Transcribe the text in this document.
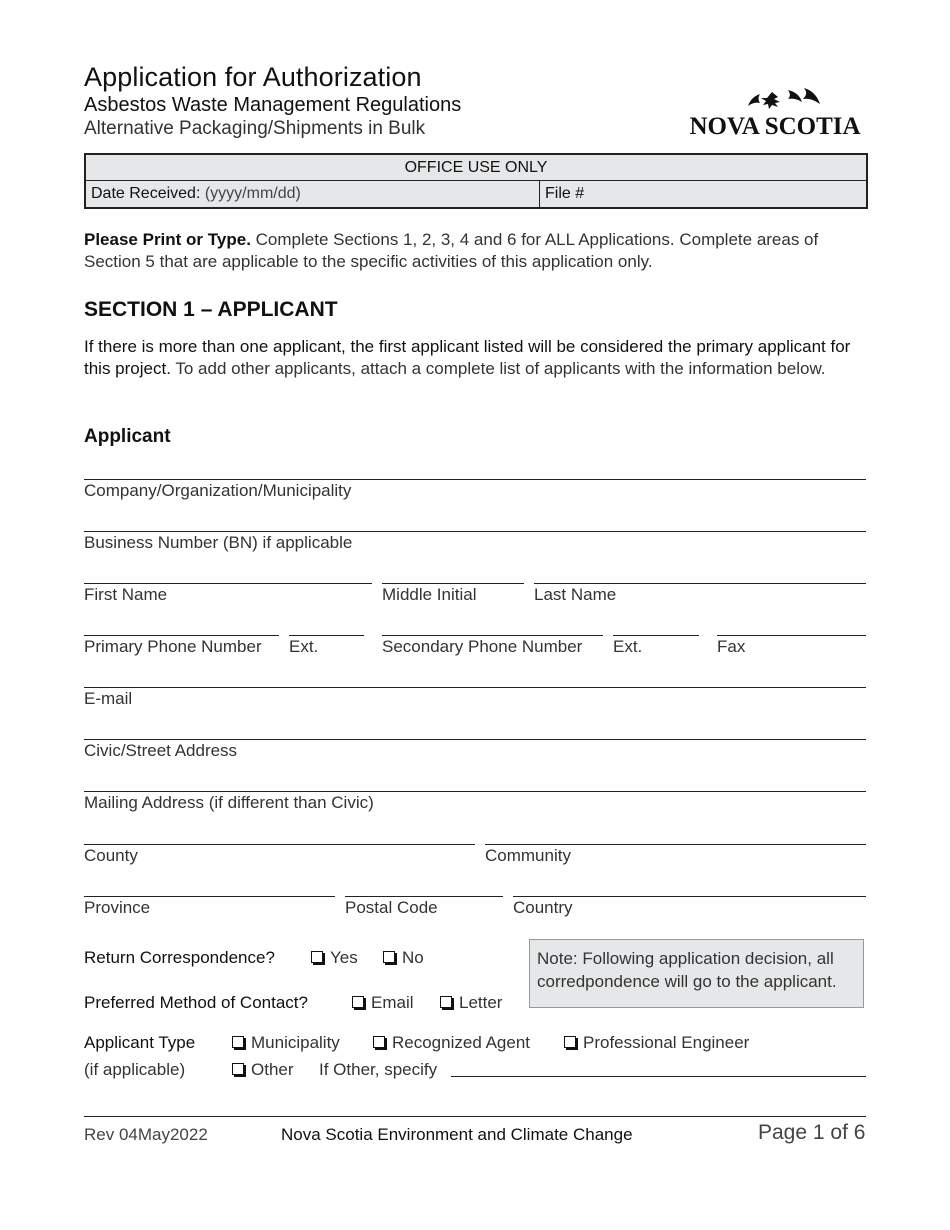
Application for Authorization
Asbestos Waste Management Regulations
Alternative Packaging/Shipments in Bulk	NOVA SCOTIA
OFFICE USE ONLY
Date Received: (yyyy/mm/dd)	File #
Please Print or Type. Complete Sections 1, 2, 3, 4 and 6 for ALL Applications. Complete areas of Section 5 that are applicable to the specific activities of this application only.
SECTION 1 – APPLICANT
If there is more than one applicant, the first applicant listed will be considered the primary applicant for this project. To add other applicants, attach a complete list of applicants with the information below.
Applicant
Company/Organization/Municipality
Business Number (BN) if applicable
First Name	Middle Initial	Last Name
Primary Phone Number Ext.	Secondary Phone Number Ext.	Fax
E-mail
Civic/Street Address
Mailing Address (if different than Civic)
County	Community
Province	Postal Code	Country
Return Correspondence?	Yes	No	Note: Following application decision, all corredpondence will go to the applicant.
Preferred Method of Contact?	Email	Letter
Applicant Type
(if applicable)
Municipality	Recognized Agent	Professional Engineer
Other If Other, specify
Rev 04May2022	Nova Scotia Environment and Climate Change	Page 1 of 6
